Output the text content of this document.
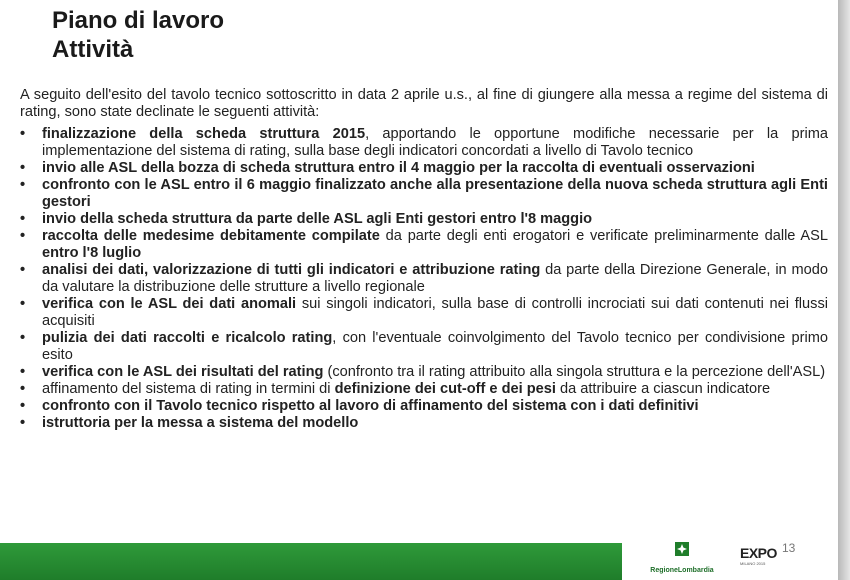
Piano di lavoro
Attività

A seguito dell'esito del tavolo tecnico sottoscritto in data 2 aprile u.s., al fine di giungere alla messa a regime del sistema di rating, sono state declinate le seguenti attività:

•	finalizzazione della scheda struttura 2015, apportando le opportune modifiche necessarie per la prima implementazione del sistema di rating, sulla base degli indicatori concordati a livello di Tavolo tecnico
•	invio alle ASL della bozza di scheda struttura entro il 4 maggio per la raccolta di eventuali osservazioni
•	confronto con le ASL entro il 6 maggio finalizzato anche alla presentazione della nuova scheda struttura agli Enti gestori
•	invio della scheda struttura da parte delle ASL agli Enti gestori entro l'8 maggio
•	raccolta delle medesime debitamente compilate da parte degli enti erogatori e verificate preliminarmente dalle ASL entro l'8 luglio
•	analisi dei dati, valorizzazione di tutti gli indicatori e attribuzione rating da parte della Direzione Generale, in modo da valutare la distribuzione delle strutture a livello regionale
•	verifica con le ASL dei dati anomali sui singoli indicatori, sulla base di controlli incrociati sui dati contenuti nei flussi acquisiti
•	pulizia dei dati raccolti e ricalcolo rating, con l'eventuale coinvolgimento del Tavolo tecnico per condivisione primo esito
•	verifica con le ASL dei risultati del rating (confronto tra il rating attribuito alla singola struttura e la percezione dell'ASL)
•	affinamento del sistema di rating in termini di definizione dei cut-off e dei pesi da attribuire a ciascun indicatore
•	confronto con il Tavolo tecnico rispetto al lavoro di affinamento del sistema con i dati definitivi
•	istruttoria per la messa a sistema del modello
RegioneLombardia
EXPO
MILANO 2015
13
